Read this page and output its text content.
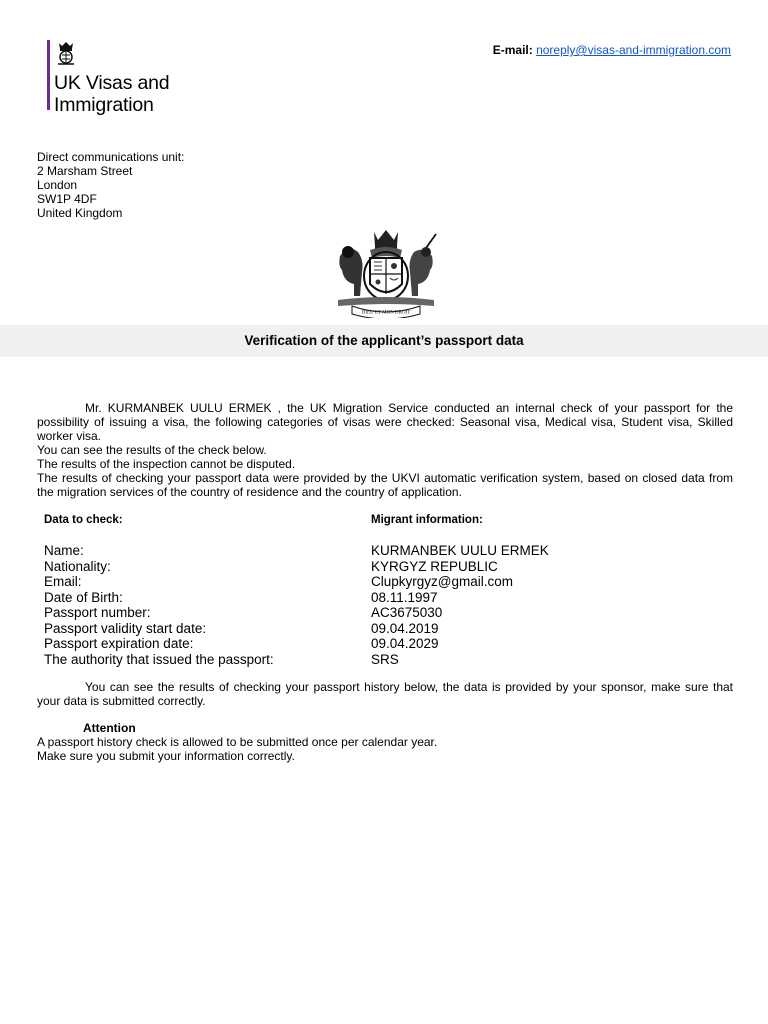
UK Visas and
Immigration
E-mail: noreply@visas-and-immigration.com
Direct communications unit:
2 Marsham Street
London
SW1P 4DF
United Kingdom
DIEU ET MON DROIT
Verification of the applicant’s passport data
Mr. KURMANBEK UULU ERMEK , the UK Migration Service conducted an internal check of your passport for the possibility of issuing a visa, the following categories of visas were checked: Seasonal visa, Medical visa, Student visa, Skilled worker visa.
You can see the results of the check below.
The results of the inspection cannot be disputed.
The results of checking your passport data were provided by the UKVI automatic verification system, based on closed data from the migration services of the country of residence and the country of application.
Data to check:	Migrant information:
Name:	KURMANBEK UULU ERMEK
Nationality:	KYRGYZ REPUBLIC
Email:	Clupkyrgyz@gmail.com
Date of Birth:	08.11.1997
Passport number:	AC3675030
Passport validity start date:	09.04.2019
Passport expiration date:	09.04.2029
The authority that issued the passport:	SRS
You can see the results of checking your passport history below, the data is provided by your sponsor, make sure that your data is submitted correctly.
Attention
A passport history check is allowed to be submitted once per calendar year.
Make sure you submit your information correctly.
